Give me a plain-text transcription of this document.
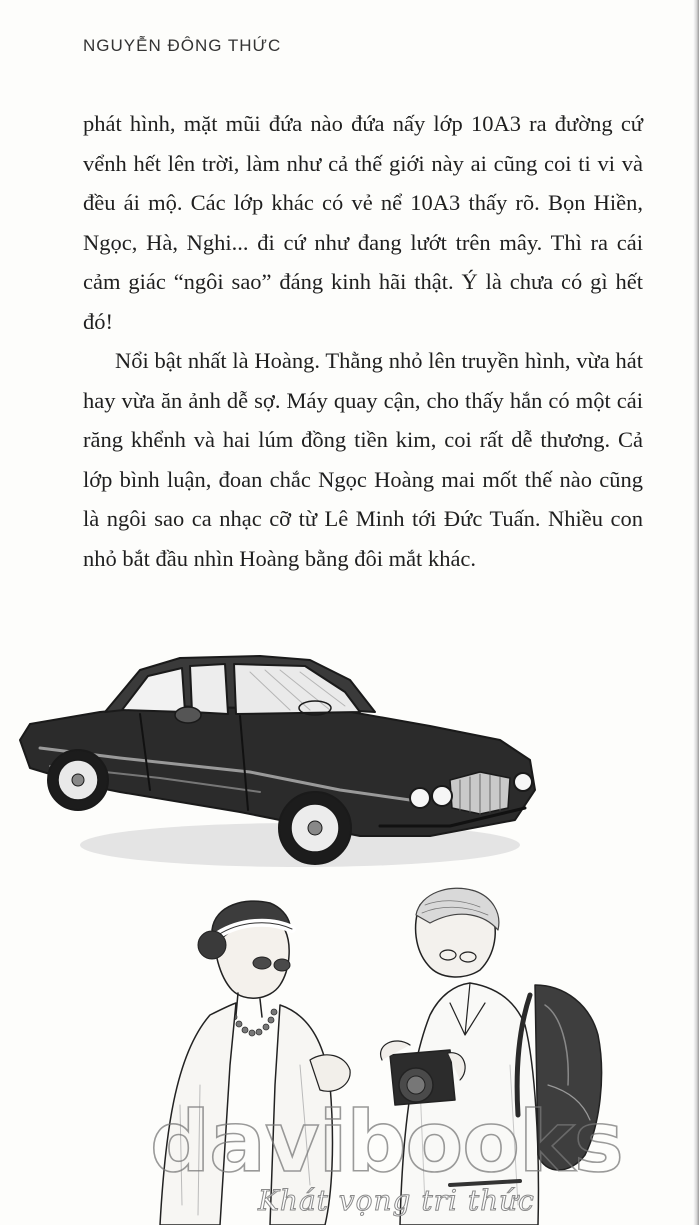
NGUYỄN ĐÔNG THỨC

phát hình, mặt mũi đứa nào đứa nấy lớp 10A3 ra đường cứ vểnh hết lên trời, làm như cả thế giới này ai cũng coi ti vi và đều ái mộ. Các lớp khác có vẻ nể 10A3 thấy rõ. Bọn Hiền, Ngọc, Hà, Nghi... đi cứ như đang lướt trên mây. Thì ra cái cảm giác “ngôi sao” đáng kinh hãi thật. Ý là chưa có gì hết đó!

Nổi bật nhất là Hoàng. Thằng nhỏ lên truyền hình, vừa hát hay vừa ăn ảnh dễ sợ. Máy quay cận, cho thấy hắn có một cái răng khểnh và hai lúm đồng tiền kim, coi rất dễ thương. Cả lớp bình luận, đoan chắc Ngọc Hoàng mai mốt thế nào cũng là ngôi sao ca nhạc cỡ từ Lê Minh tới Đức Tuấn. Nhiều con nhỏ bắt đầu nhìn Hoàng bằng đôi mắt khác.

davibooks
Khát vọng tri thức
